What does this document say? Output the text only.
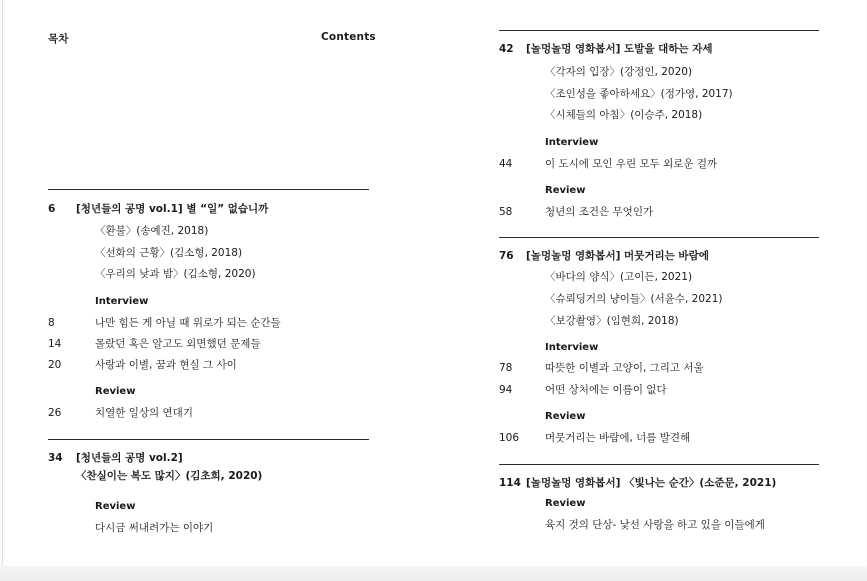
목차	Contents
6 [청년들의 공명 vol.1] 별 “일” 없습니까
〈환불〉(송예진, 2018)
〈선화의 근황〉(김소형, 2018)
〈우리의 낮과 밤〉(김소형, 2020)
Interview
8	나만 힘든 게 아닐 때 위로가 되는 순간들
14	몰랐던 혹은 알고도 외면했던 문제들
20	사랑과 이별, 꿈과 현실 그 사이
Review
26	치열한 일상의 연대기
34 [청년들의 공명 vol.2]
〈찬실이는 복도 많지〉(김초희, 2020)
Review
다시금 써내려가는 이야기
42 [놀멍놀멍 영화봅서] 도발을 대하는 자세
〈각자의 입장〉(강정인, 2020)
〈조인성을 좋아하세요〉(정가영, 2017)
〈시체들의 아침〉(이승주, 2018)
Interview
44	이 도시에 모인 우린 모두 외로운 걸까
Review
58	청년의 조건은 무엇인가
76 [놀멍놀멍 영화봅서] 머뭇거리는 바람에
〈바다의 양식〉(고이든, 2021)
〈슈뢰딩거의 냥이들〉(서윤수, 2021)
〈보강촬영〉(임현희, 2018)
Interview
78	따뜻한 이별과 고양이, 그리고 서울
94	어떤 상처에는 이름이 없다
Review
106 머뭇거리는 바람에, 너를 발견해
114 [놀멍놀멍 영화봅서] 〈빛나는 순간〉(소준문, 2021)
Review
육지 것의 단상- 낯선 사랑을 하고 있을 이들에게
